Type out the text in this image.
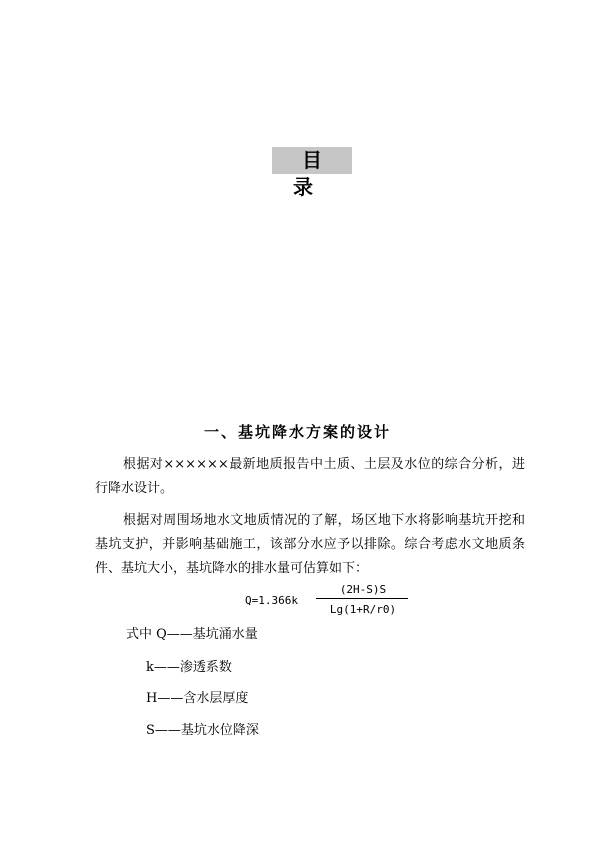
目录
一、基坑降水方案的设计

根据对××××××最新地质报告中土质、土层及水位的综合分析，进行降水设计。

根据对周围场地水文地质情况的了解，场区地下水将影响基坑开挖和基坑支护，并影响基础施工，该部分水应予以排除。综合考虑水文地质条件、基坑大小，基坑降水的排水量可估算如下：

Q=1.366k
(2H-S)S
Lg(1+R/r0)
式中 Q——基坑涌水量
k——渗透系数
H——含水层厚度
S——基坑水位降深
